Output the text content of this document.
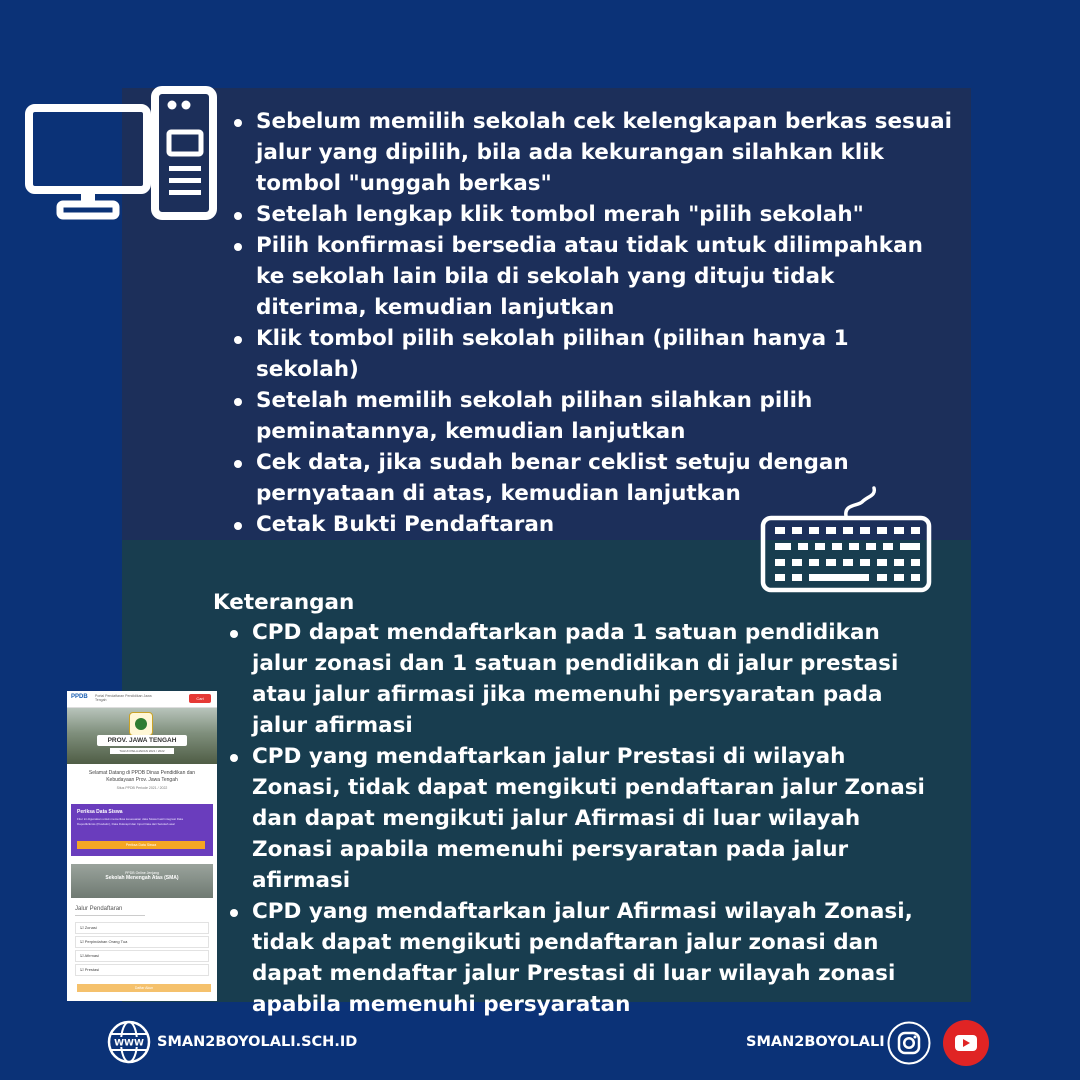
Sebelum memilih sekolah cek kelengkapan berkas sesuai jalur yang dipilih, bila ada kekurangan silahkan klik tombol "unggah berkas"
Setelah lengkap klik tombol merah "pilih sekolah"
Pilih konfirmasi bersedia atau tidak untuk dilimpahkan ke sekolah lain bila di sekolah yang dituju tidak diterima, kemudian lanjutkan
Klik tombol pilih sekolah pilihan (pilihan hanya 1 sekolah)
Setelah memilih sekolah pilihan silahkan pilih peminatannya, kemudian lanjutkan
Cek data, jika sudah benar ceklist setuju dengan pernyataan di atas, kemudian lanjutkan
Cetak Bukti Pendaftaran
Keterangan
CPD dapat mendaftarkan pada 1 satuan pendidikan jalur zonasi dan 1 satuan pendidikan di jalur prestasi atau jalur afirmasi jika memenuhi persyaratan pada jalur afirmasi
CPD yang mendaftarkan jalur Prestasi di wilayah Zonasi, tidak dapat mengikuti pendaftaran jalur Zonasi dan dapat mengikuti jalur Afirmasi di luar wilayah Zonasi apabila memenuhi persyaratan pada jalur afirmasi
CPD yang mendaftarkan jalur Afirmasi wilayah Zonasi, tidak dapat mengikuti pendaftaran jalur zonasi dan dapat mendaftar jalur Prestasi di luar wilayah zonasi apabila memenuhi persyaratan
PPDB Portal Pendaftaran Pendidikan Jawa Tengah	Cari
PROV. JAWA TENGAH
TAHUN PELAJARAN 2021 / 2022
Selamat Datang di PPDB Dinas Pendidikan dan Kebudayaan Prov. Jawa Tengah
Situs PPDB Periode 2021 / 2022
Periksa Data Siswa
Fitur ini digunakan untuk memeriksa kesesuaian data Siswa hasil integrasi Data Dapodik/Emis (Pusdatin), Data Dukcapil dan Input Data dari Sekolah asal
Periksa Data Siswa
PPDB Online Jenjang
Sekolah Menengah Atas (SMA)
Jalur Pendaftaran
☑ Zonasi
☑ Perpindahan Orang Tua
☑ Afirmasi
☑ Prestasi
Daftar Akun
WWW SMAN2BOYOLALI.SCH.ID	SMAN2BOYOLALI
